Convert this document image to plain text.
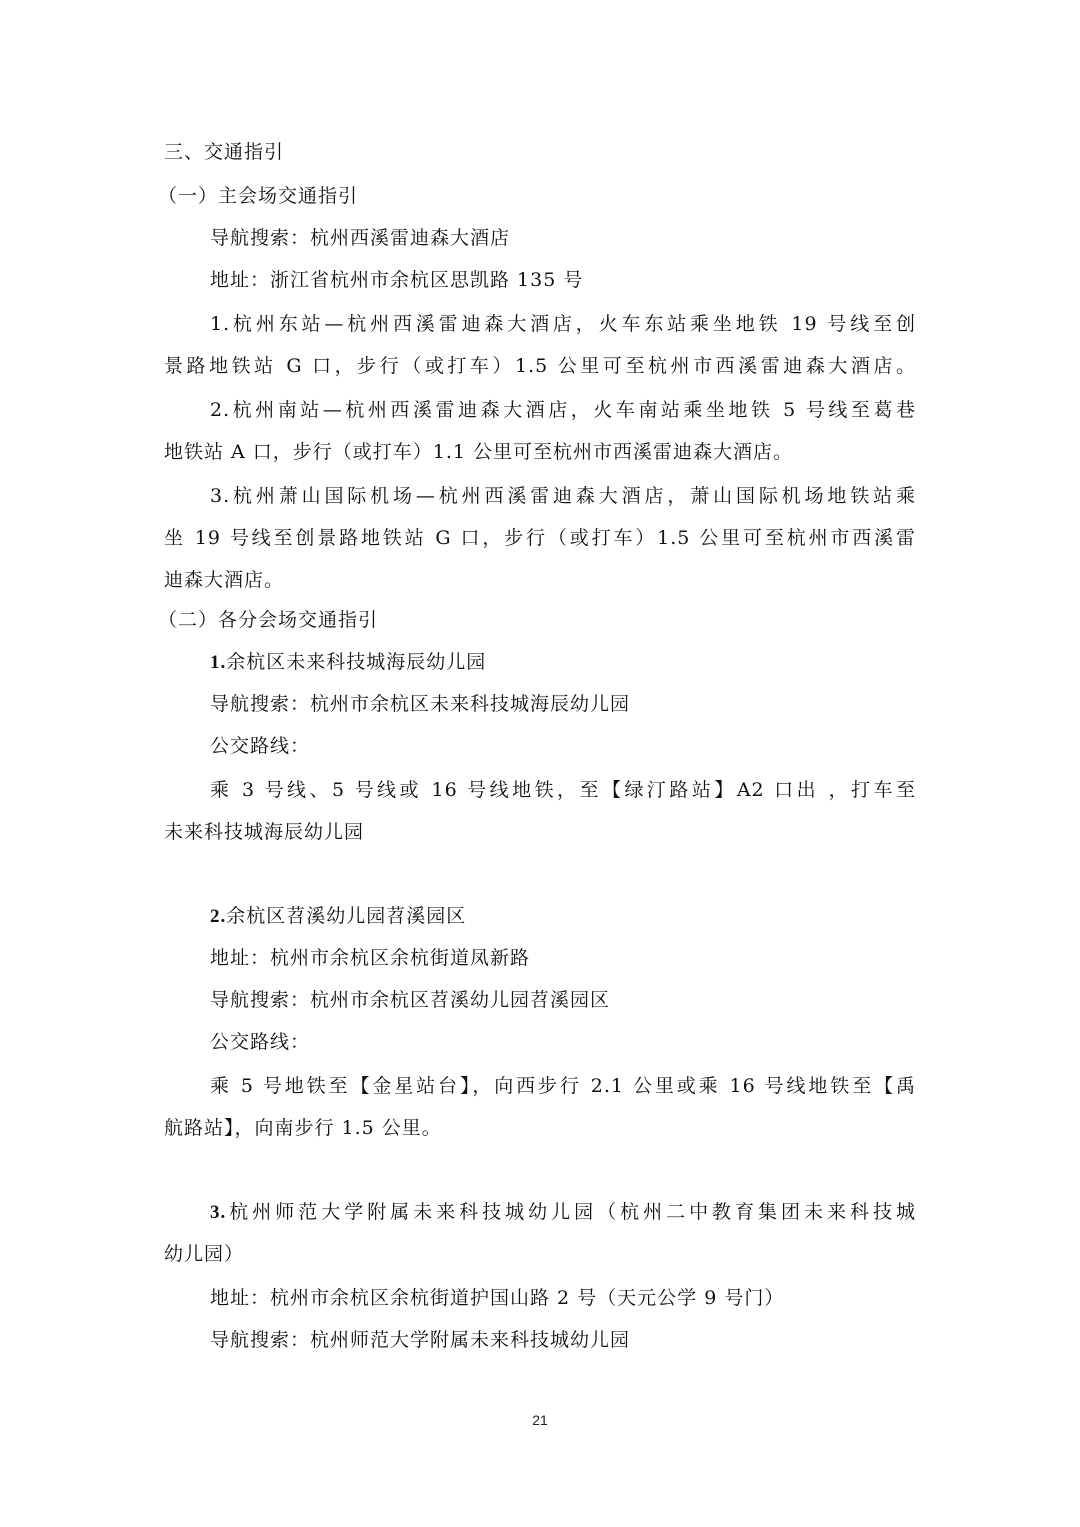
三、交通指引
（一）主会场交通指引
导航搜索：杭州西溪雷迪森大酒店
地址：浙江省杭州市余杭区思凯路 135 号
1.杭州东站—杭州西溪雷迪森大酒店，火车东站乘坐地铁 19 号线至创
景路地铁站 G 口，步行（或打车）1.5 公里可至杭州市西溪雷迪森大酒店。
2.杭州南站—杭州西溪雷迪森大酒店，火车南站乘坐地铁 5 号线至葛巷
地铁站 A 口，步行（或打车）1.1 公里可至杭州市西溪雷迪森大酒店。
3.杭州萧山国际机场—杭州西溪雷迪森大酒店，萧山国际机场地铁站乘
坐 19 号线至创景路地铁站 G 口，步行（或打车）1.5 公里可至杭州市西溪雷
迪森大酒店。
（二）各分会场交通指引
1.余杭区未来科技城海辰幼儿园
导航搜索：杭州市余杭区未来科技城海辰幼儿园
公交路线：
乘 3 号线、5 号线或 16 号线地铁，至【绿汀路站】A2 口出 ，打车至
未来科技城海辰幼儿园
2.余杭区苕溪幼儿园苕溪园区
地址：杭州市余杭区余杭街道凤新路
导航搜索：杭州市余杭区苕溪幼儿园苕溪园区
公交路线：
乘 5 号地铁至【金星站台】，向西步行 2.1 公里或乘 16 号线地铁至【禹
航路站】，向南步行 1.5 公里。
3.杭州师范大学附属未来科技城幼儿园（杭州二中教育集团未来科技城
幼儿园）
地址：杭州市余杭区余杭街道护国山路 2 号（天元公学 9 号门）
导航搜索：杭州师范大学附属未来科技城幼儿园
21
